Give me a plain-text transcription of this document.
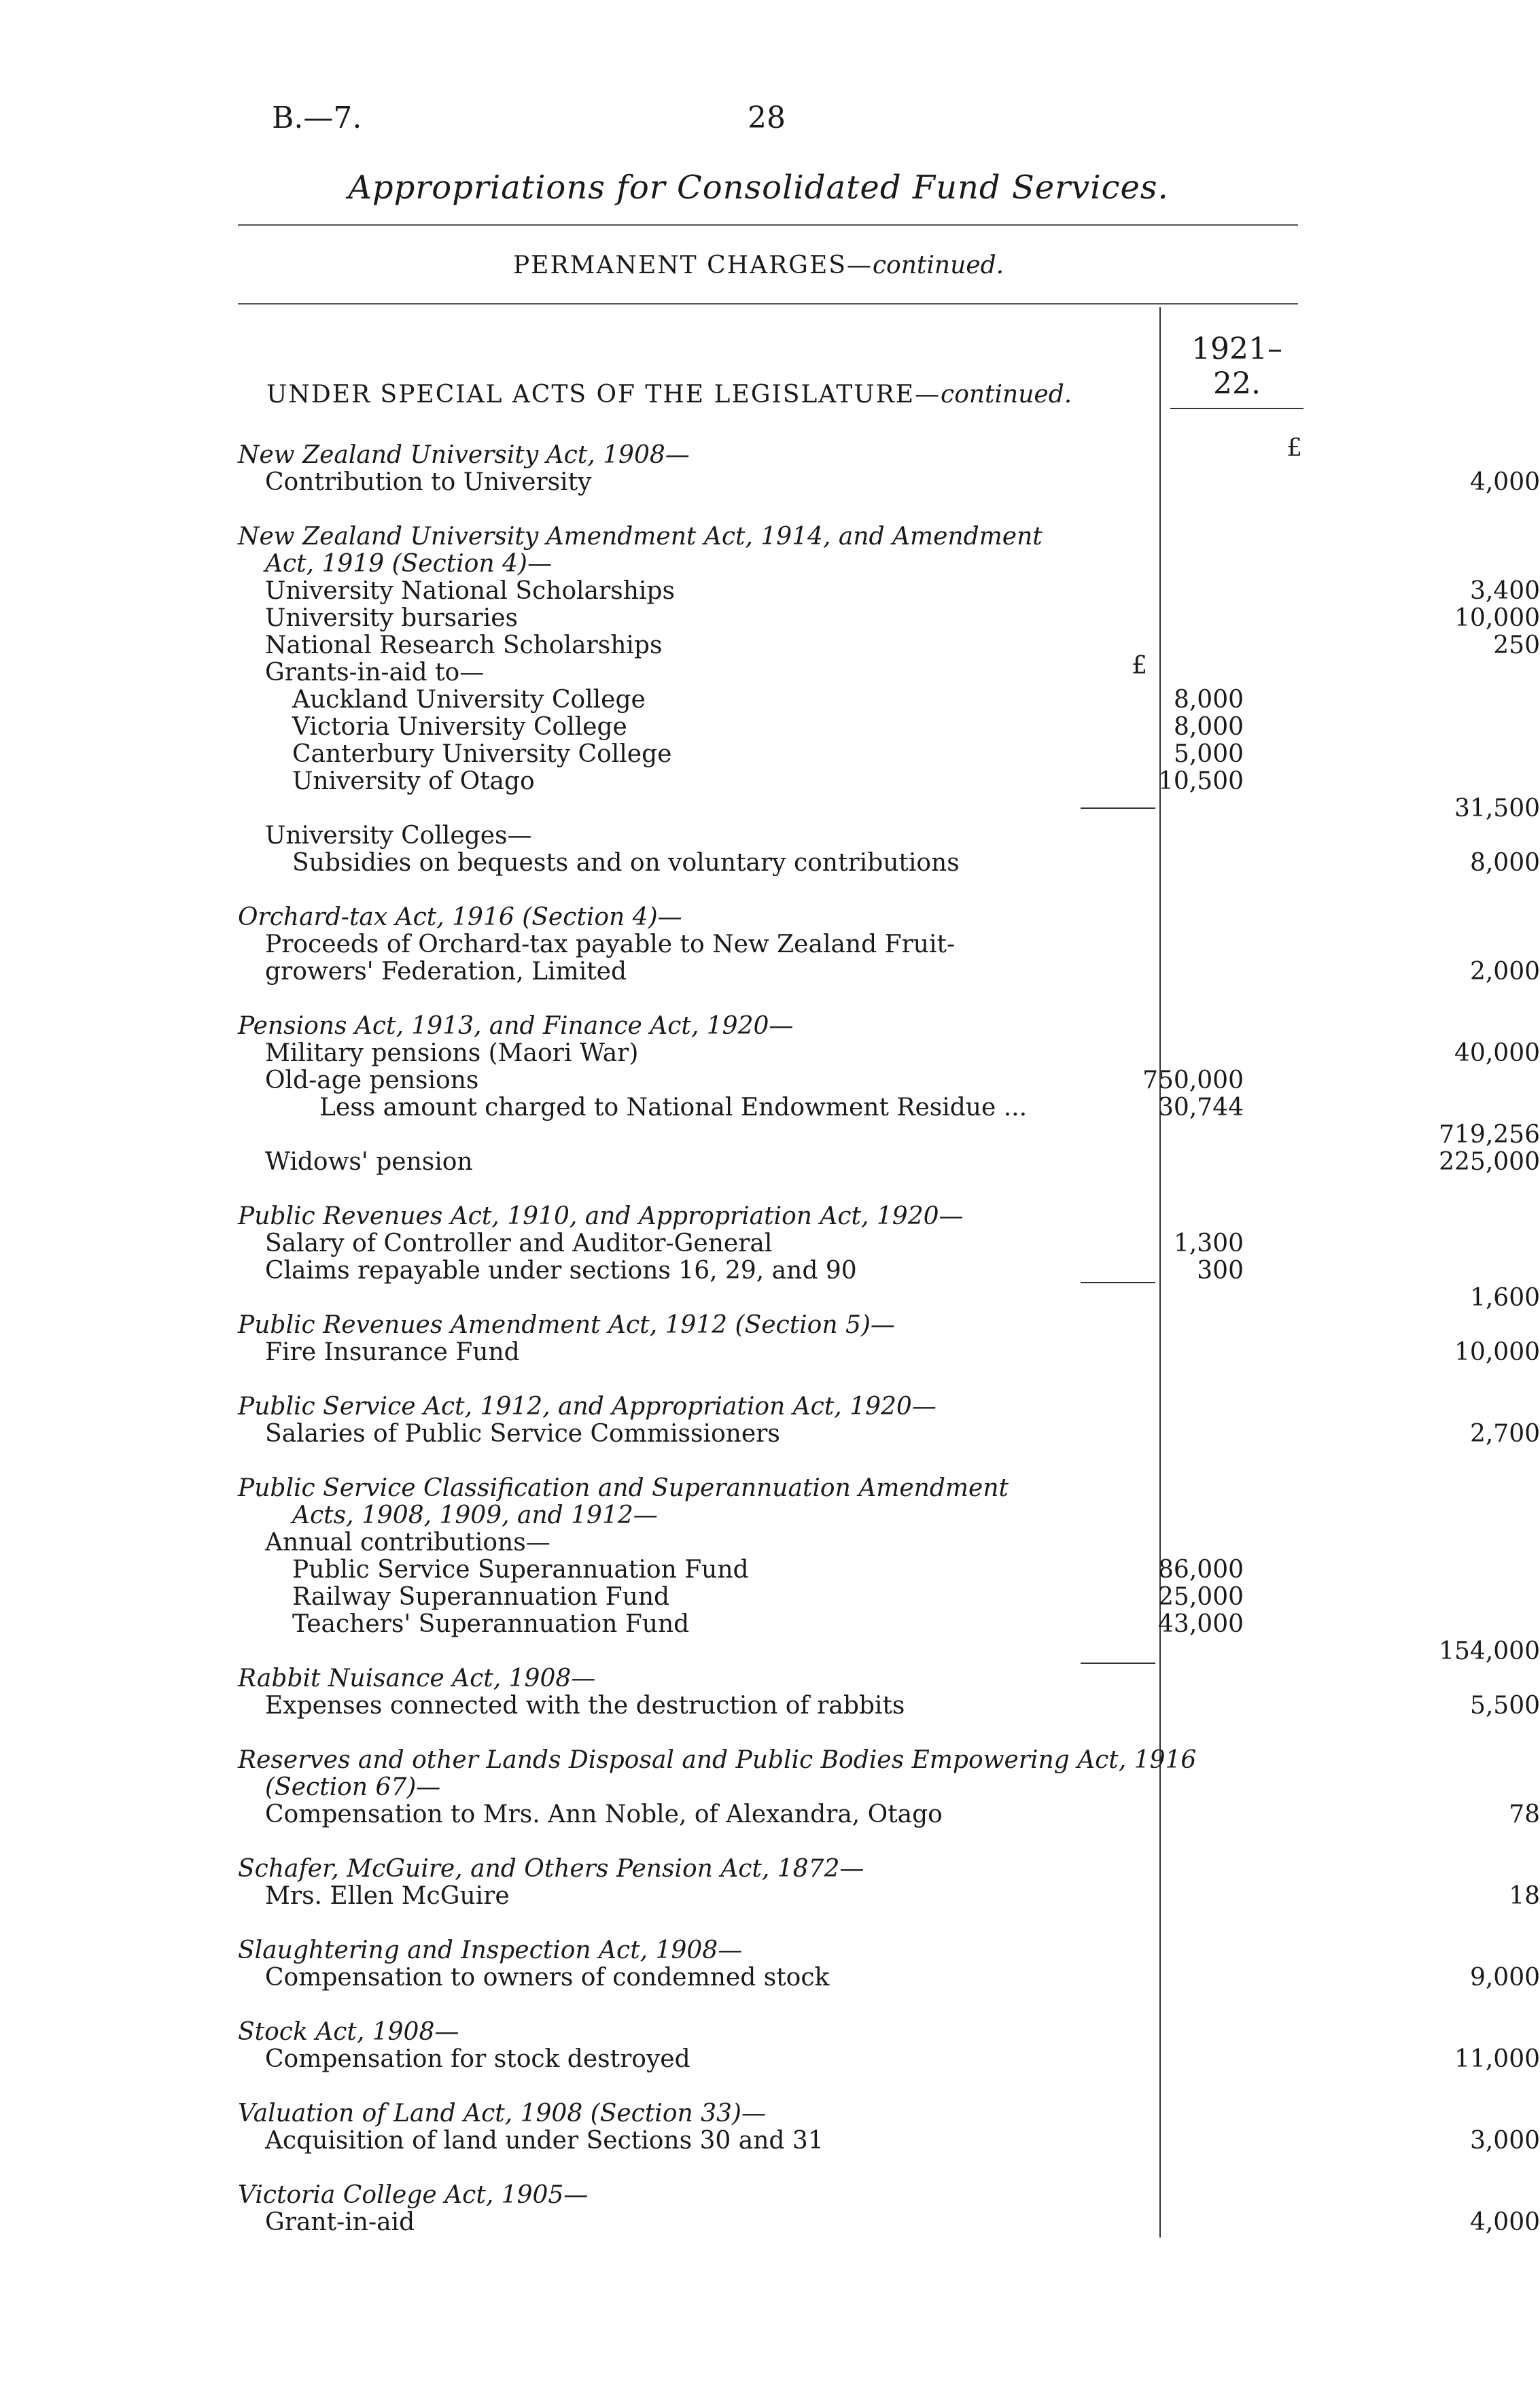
B.—7.	28
Appropriations for Consolidated Fund Services.
PERMANENT CHARGES—continued.
1921–22.
UNDER SPECIAL ACTS OF THE LEGISLATURE—continued.
£
£
New Zealand University Act, 1908—
Contribution to University	4,000
New Zealand University Amendment Act, 1914, and Amendment
Act, 1919 (Section 4)—
University National Scholarships	3,400
University bursaries	10,000
National Research Scholarships	250
Grants-in-aid to—
Auckland University College	8,000
Victoria University College	8,000
Canterbury University College	5,000
University of Otago	10,500
31,500
University Colleges—
Subsidies on bequests and on voluntary contributions	8,000
Orchard-tax Act, 1916 (Section 4)—
Proceeds of Orchard-tax payable to New Zealand Fruit-
growers' Federation, Limited	2,000
Pensions Act, 1913, and Finance Act, 1920—
Military pensions (Maori War)	40,000
Old-age pensions	750,000
Less amount charged to National Endowment Residue ...	30,744
719,256
Widows' pension	225,000
Public Revenues Act, 1910, and Appropriation Act, 1920—
Salary of Controller and Auditor-General	1,300
Claims repayable under sections 16, 29, and 90	300
1,600
Public Revenues Amendment Act, 1912 (Section 5)—
Fire Insurance Fund	10,000
Public Service Act, 1912, and Appropriation Act, 1920—
Salaries of Public Service Commissioners	2,700
Public Service Classification and Superannuation Amendment
Acts, 1908, 1909, and 1912—
Annual contributions—
Public Service Superannuation Fund	86,000
Railway Superannuation Fund	25,000
Teachers' Superannuation Fund	43,000
154,000
Rabbit Nuisance Act, 1908—
Expenses connected with the destruction of rabbits	5,500
Reserves and other Lands Disposal and Public Bodies Empowering Act, 1916
(Section 67)—
Compensation to Mrs. Ann Noble, of Alexandra, Otago	78
Schafer, McGuire, and Others Pension Act, 1872—
Mrs. Ellen McGuire	18
Slaughtering and Inspection Act, 1908—
Compensation to owners of condemned stock	9,000
Stock Act, 1908—
Compensation for stock destroyed	11,000
Valuation of Land Act, 1908 (Section 33)—
Acquisition of land under Sections 30 and 31	3,000
Victoria College Act, 1905—
Grant-in-aid	4,000
